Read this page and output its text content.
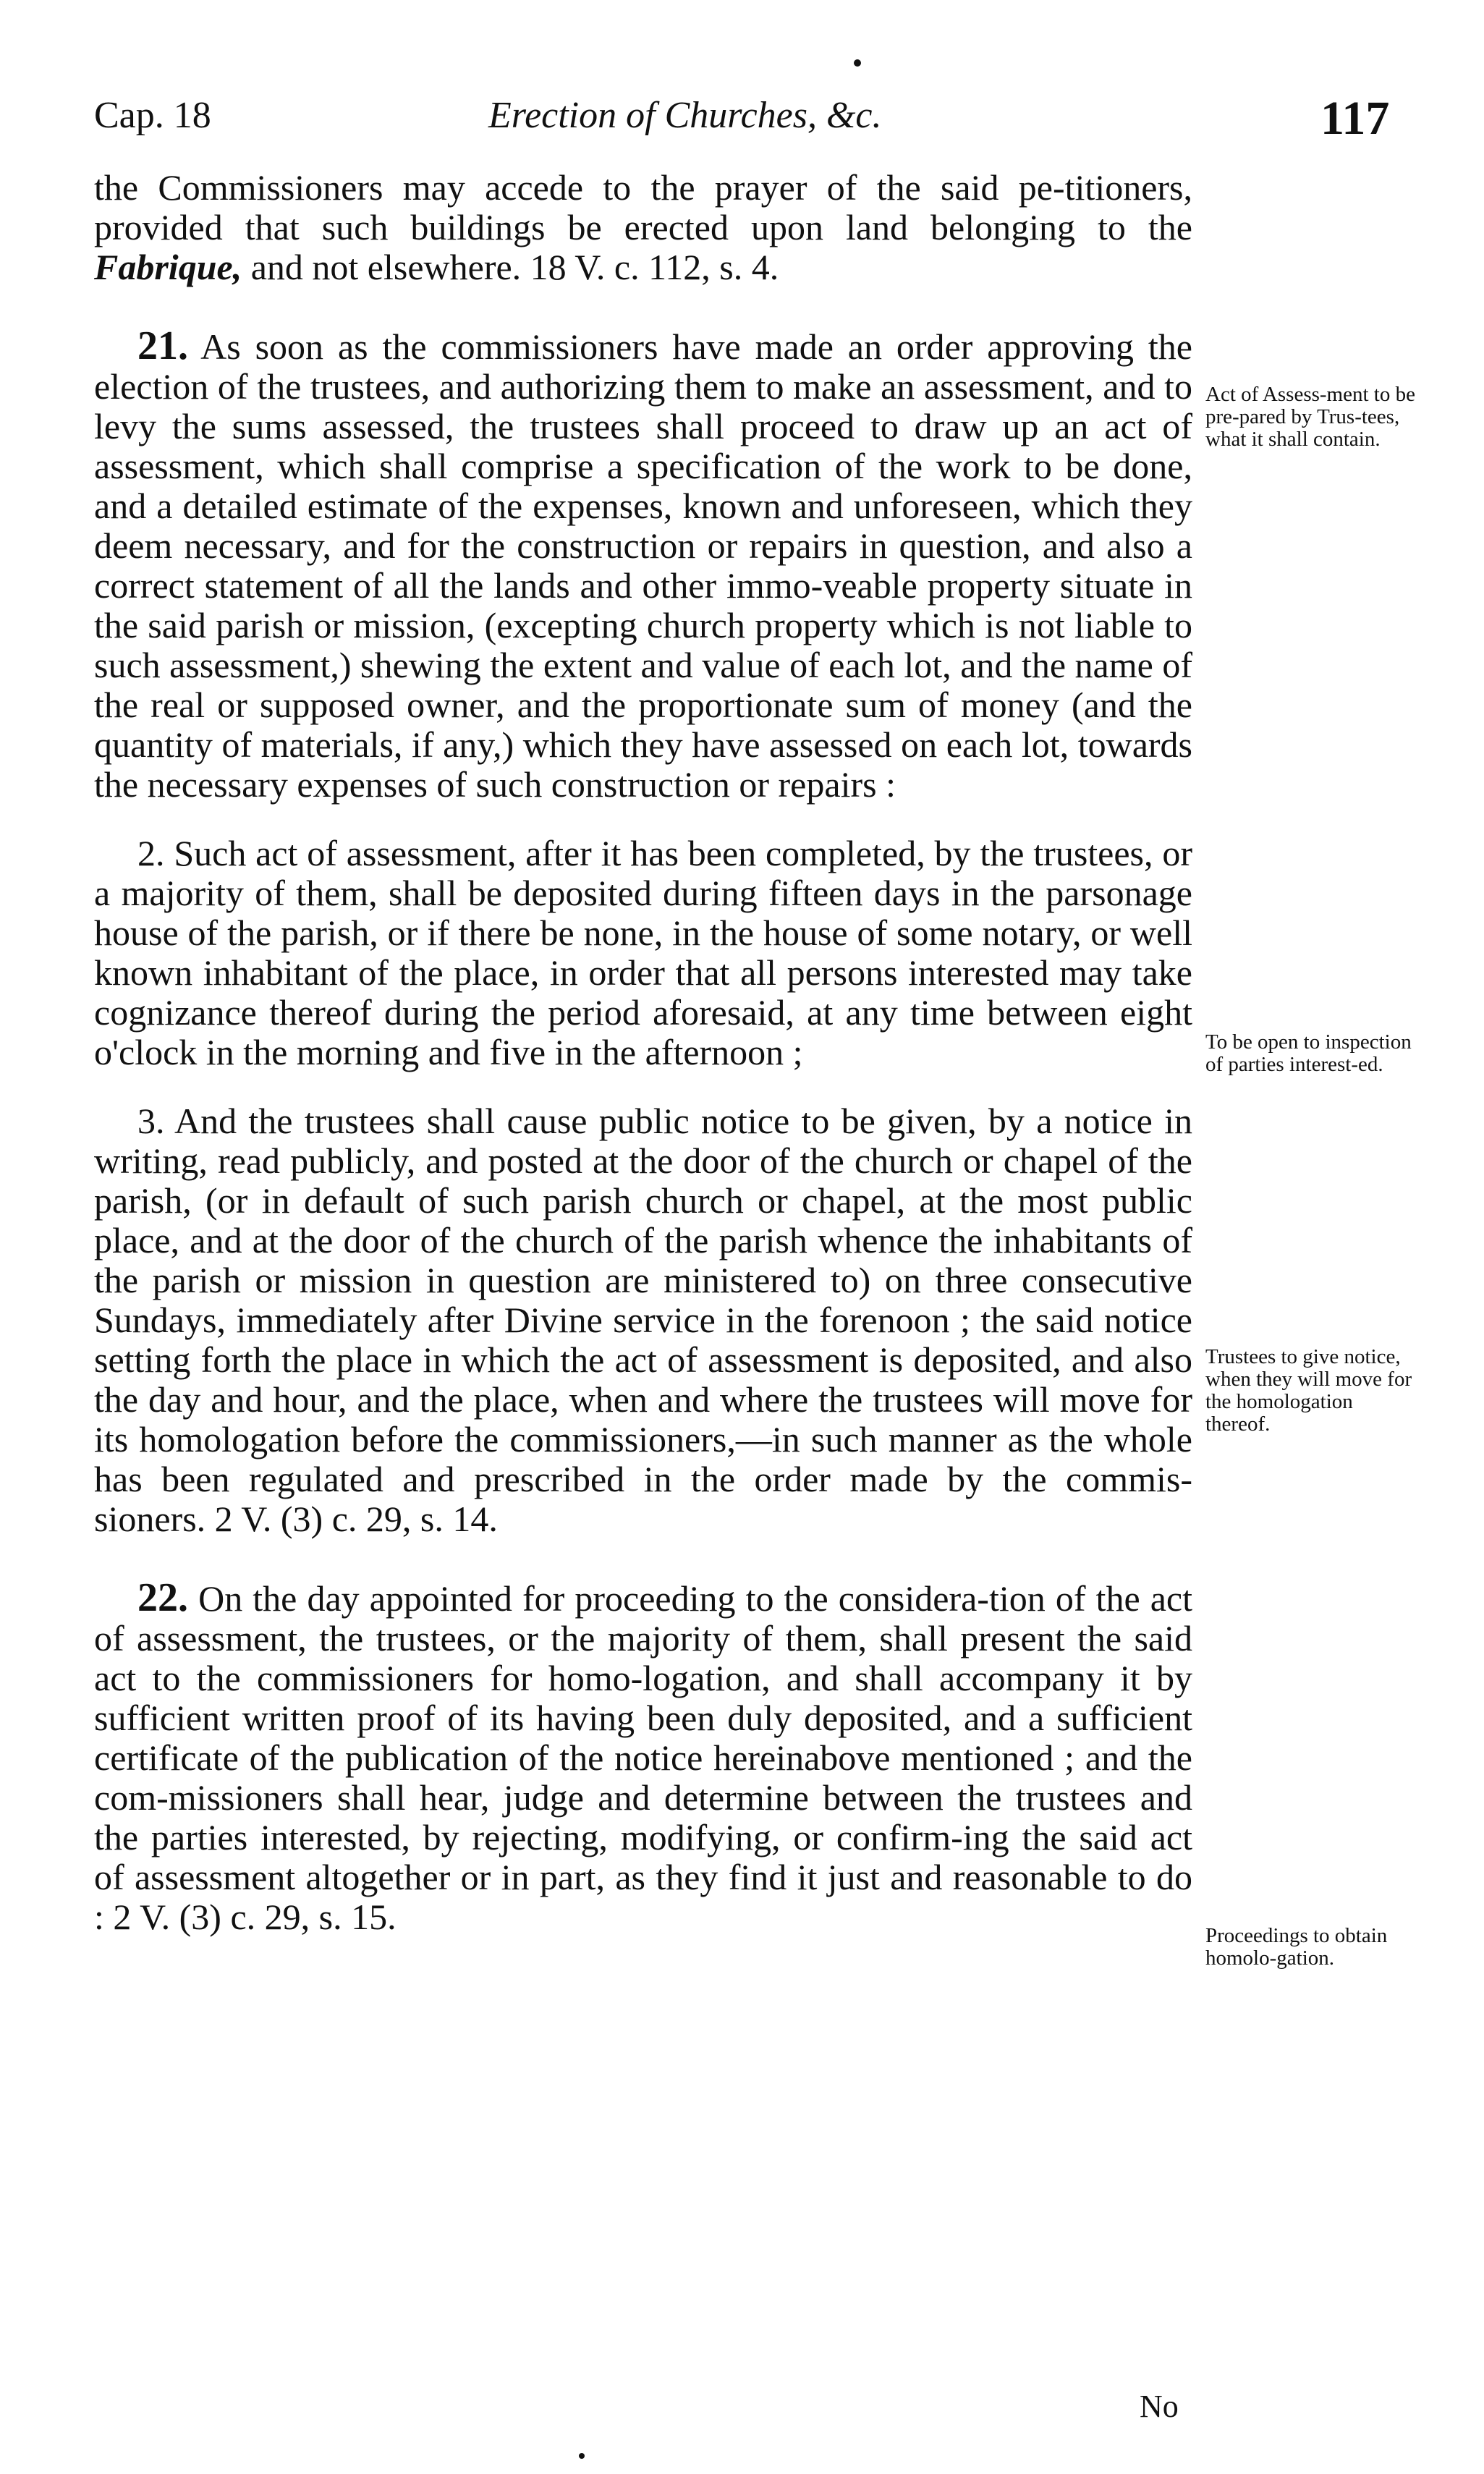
Cap. 18	Erection of Churches, &c.	117

the Commissioners may accede to the prayer of the said pe-titioners, provided that such buildings be erected upon land belonging to the Fabrique, and not elsewhere. 18 V. c. 112, s. 4.

21. As soon as the commissioners have made an order approving the election of the trustees, and authorizing them to make an assessment, and to levy the sums assessed, the trustees shall proceed to draw up an act of assessment, which shall comprise a specification of the work to be done, and a detailed estimate of the expenses, known and unforeseen, which they deem necessary, and for the construction or repairs in question, and also a correct statement of all the lands and other immo-veable property situate in the said parish or mission, (excepting church property which is not liable to such assessment,) shewing the extent and value of each lot, and the name of the real or supposed owner, and the proportionate sum of money (and the quantity of materials, if any,) which they have assessed on each lot, towards the necessary expenses of such construction or repairs :

2. Such act of assessment, after it has been completed, by the trustees, or a majority of them, shall be deposited during fifteen days in the parsonage house of the parish, or if there be none, in the house of some notary, or well known inhabitant of the place, in order that all persons interested may take cognizance thereof during the period aforesaid, at any time between eight o'clock in the morning and five in the afternoon ;

3. And the trustees shall cause public notice to be given, by a notice in writing, read publicly, and posted at the door of the church or chapel of the parish, (or in default of such parish church or chapel, at the most public place, and at the door of the church of the parish whence the inhabitants of the parish or mission in question are ministered to) on three consecutive Sundays, immediately after Divine service in the forenoon ; the said notice setting forth the place in which the act of assessment is deposited, and also the day and hour, and the place, when and where the trustees will move for its homologation before the commissioners,—in such manner as the whole has been regulated and prescribed in the order made by the commis-sioners. 2 V. (3) c. 29, s. 14.

22. On the day appointed for proceeding to the considera-tion of the act of assessment, the trustees, or the majority of them, shall present the said act to the commissioners for homo-logation, and shall accompany it by sufficient written proof of its having been duly deposited, and a sufficient certificate of the publication of the notice hereinabove mentioned ; and the com-missioners shall hear, judge and determine between the trustees and the parties interested, by rejecting, modifying, or confirm-ing the said act of assessment altogether or in part, as they find it just and reasonable to do : 2 V. (3) c. 29, s. 15.

Act of Assess-ment to be pre-pared by Trus-tees, what it shall contain.
To be open to inspection of parties interest-ed.
Trustees to give notice, when they will move for the homologation thereof.
Proceedings to obtain homolo-gation.
No
